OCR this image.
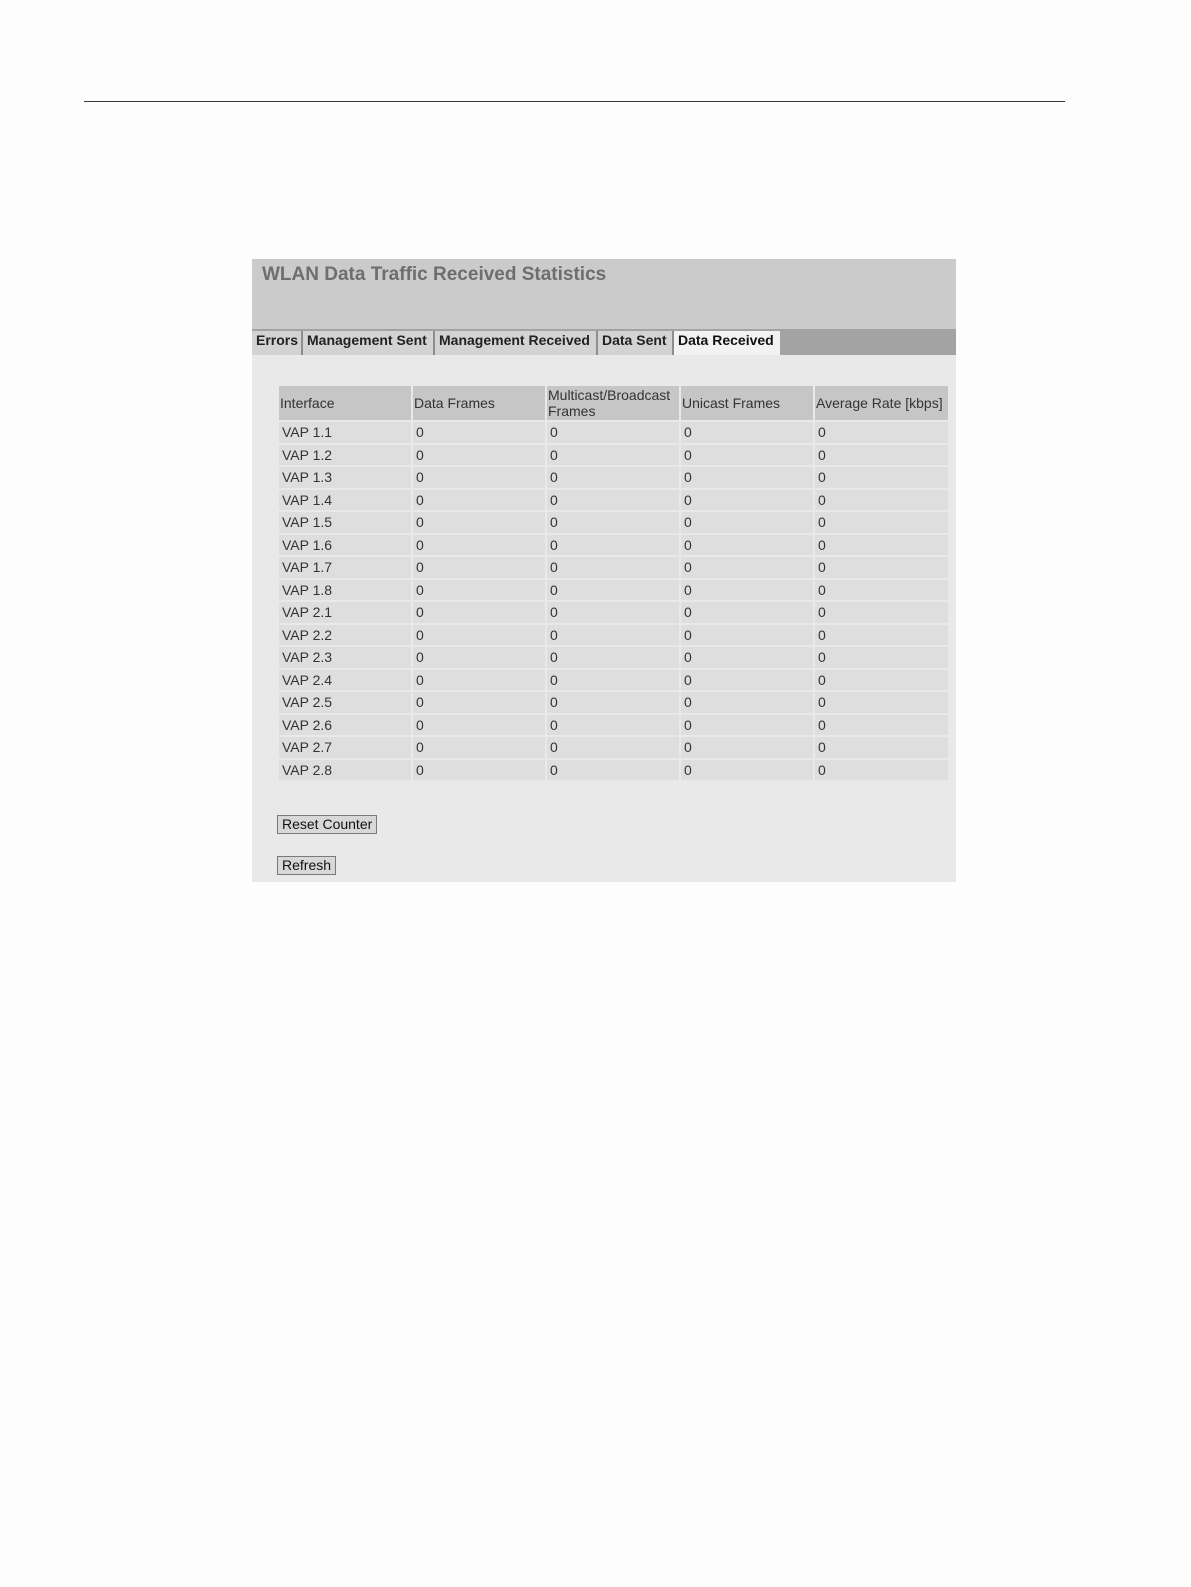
WLAN Data Traffic Received Statistics
Errors Management Sent Management Received Data Sent Data Received
Interface	Data Frames	Multicast/Broadcast Frames	Unicast Frames	Average Rate [kbps]
VAP 1.1	0	0	0	0
VAP 1.2	0	0	0	0
VAP 1.3	0	0	0	0
VAP 1.4	0	0	0	0
VAP 1.5	0	0	0	0
VAP 1.6	0	0	0	0
VAP 1.7	0	0	0	0
VAP 1.8	0	0	0	0
VAP 2.1	0	0	0	0
VAP 2.2	0	0	0	0
VAP 2.3	0	0	0	0
VAP 2.4	0	0	0	0
VAP 2.5	0	0	0	0
VAP 2.6	0	0	0	0
VAP 2.7	0	0	0	0
VAP 2.8	0	0	0	0
Reset Counter
Refresh
